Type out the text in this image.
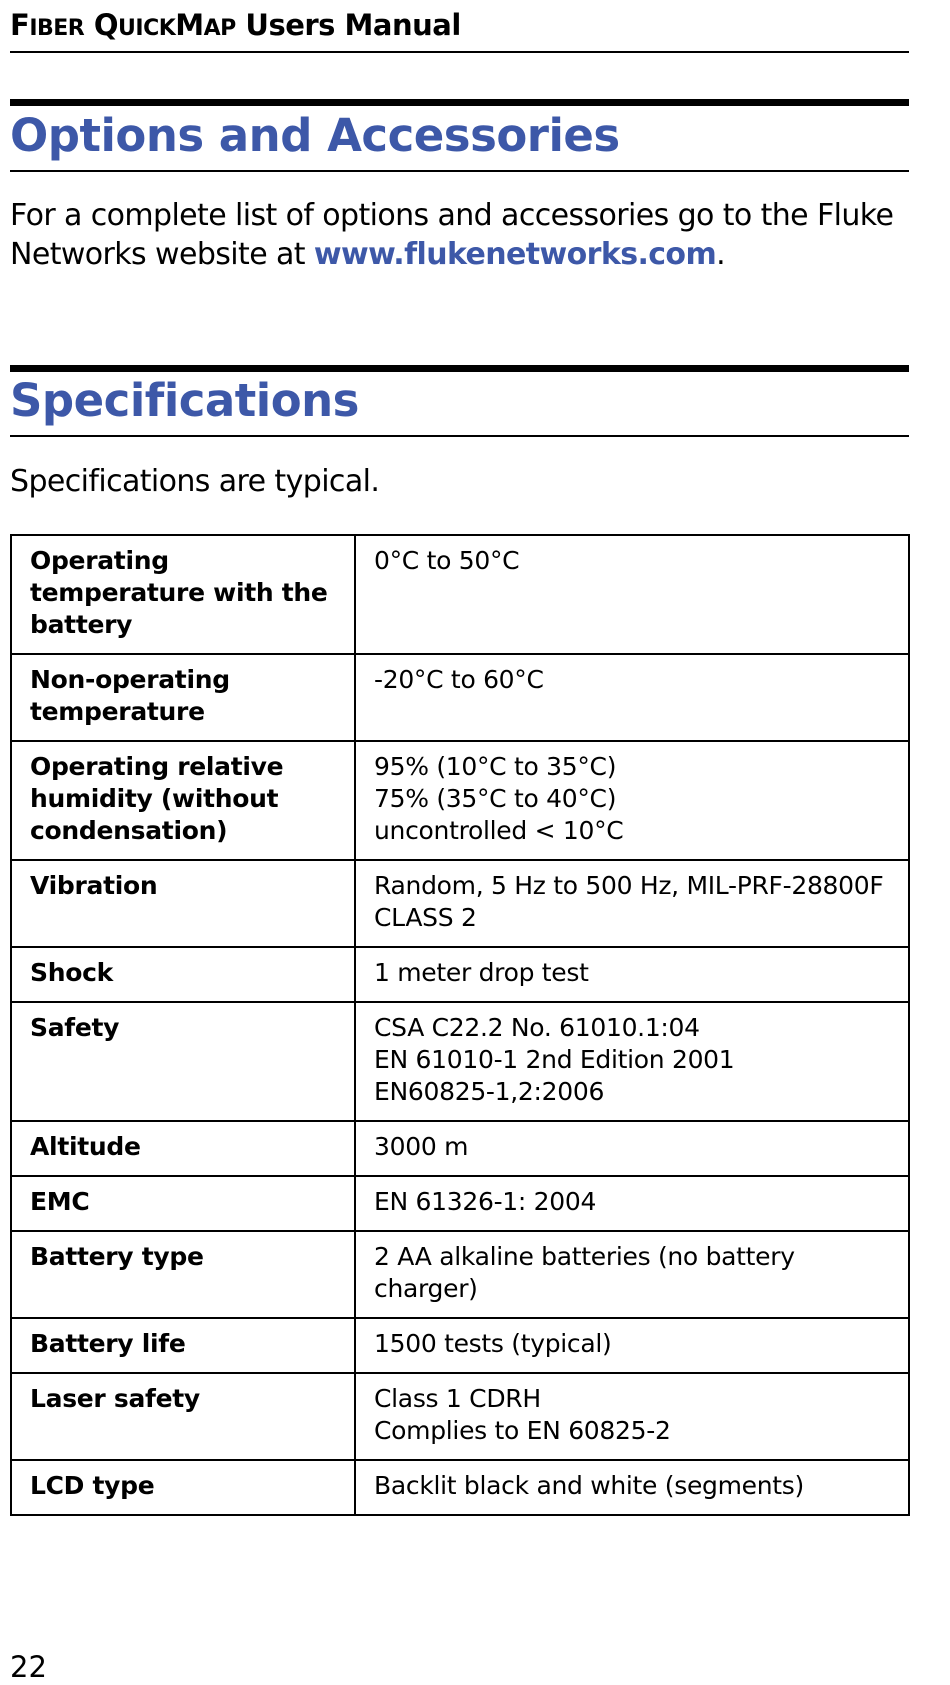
FIBER QUICKMAP Users Manual
Options and Accessories
For a complete list of options and accessories go to the Fluke Networks website at www.flukenetworks.com.
Specifications
Specifications are typical.
Operating temperature with the battery	0°C to 50°C
Non-operating temperature	-20°C to 60°C
Operating relative humidity (without condensation)	95% (10°C to 35°C)
75% (35°C to 40°C)
uncontrolled < 10°C
Vibration	Random, 5 Hz to 500 Hz, MIL-PRF-28800F CLASS 2
Shock	1 meter drop test
Safety	CSA C22.2 No. 61010.1:04
EN 61010-1 2nd Edition 2001
EN60825-1,2:2006
Altitude	3000 m
EMC	EN 61326-1: 2004
Battery type	2 AA alkaline batteries (no battery charger)
Battery life	1500 tests (typical)
Laser safety	Class 1 CDRH
Complies to EN 60825-2
LCD type	Backlit black and white (segments)
22
